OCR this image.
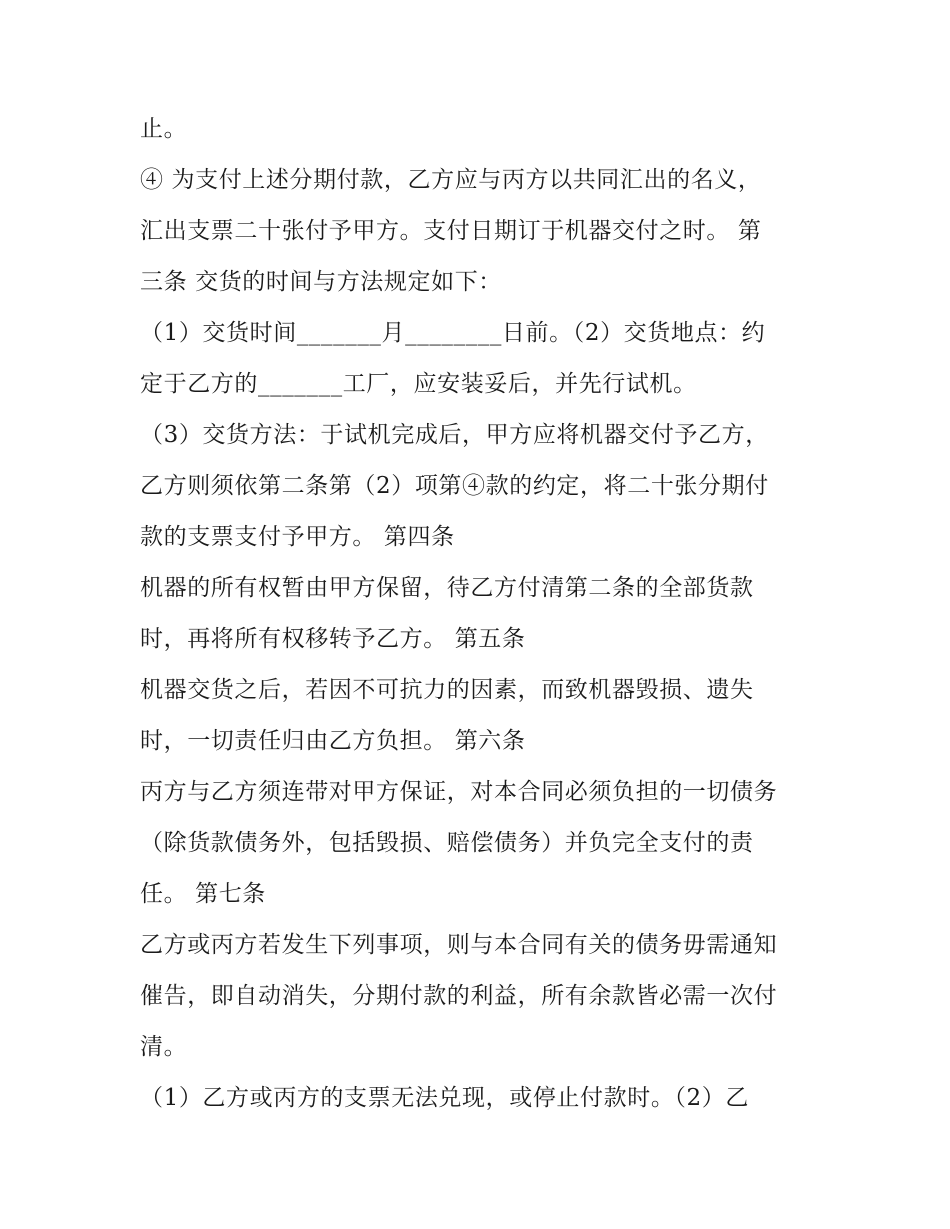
止。
④ 为支付上述分期付款，乙方应与丙方以共同汇出的名义，
汇出支票二十张付予甲方。支付日期订于机器交付之时。 第
三条 交货的时间与方法规定如下：
（1）交货时间_______月________日前。（2）交货地点：约
定于乙方的_______工厂，应安装妥后，并先行试机。
（3）交货方法：于试机完成后，甲方应将机器交付予乙方，
乙方则须依第二条第（2）项第④款的约定，将二十张分期付
款的支票支付予甲方。 第四条
机器的所有权暂由甲方保留，待乙方付清第二条的全部货款
时，再将所有权移转予乙方。 第五条
机器交货之后，若因不可抗力的因素，而致机器毁损、遗失
时，一切责任归由乙方负担。 第六条
丙方与乙方须连带对甲方保证，对本合同必须负担的一切债务
（除货款债务外，包括毁损、赔偿债务）并负完全支付的责
任。 第七条
乙方或丙方若发生下列事项，则与本合同有关的债务毋需通知
催告，即自动消失，分期付款的利益，所有余款皆必需一次付
清。
（1）乙方或丙方的支票无法兑现，或停止付款时。（2）乙
